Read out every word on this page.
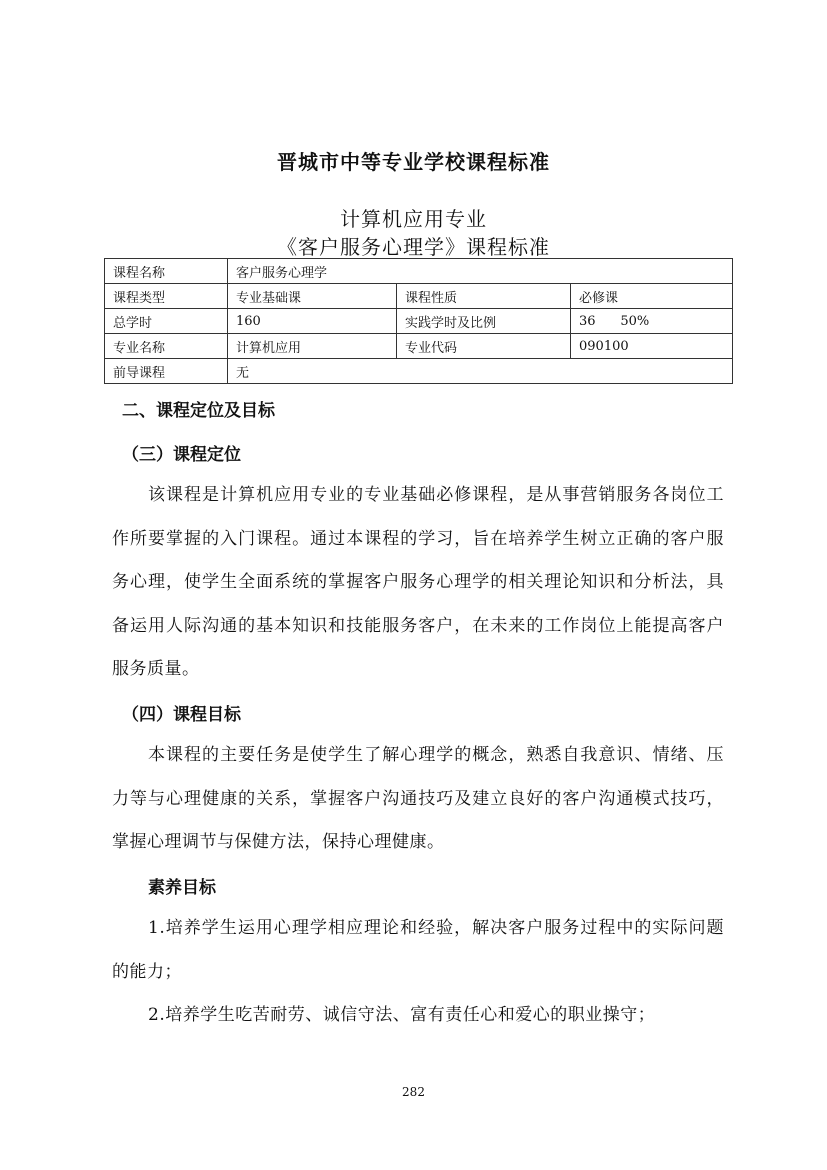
晋城市中等专业学校课程标准
计算机应用专业
《客户服务心理学》课程标准
课程名称	客户服务心理学		
课程类型	专业基础课	课程性质	必修课
总学时	160	实践学时及比例	36      50%
专业名称	计算机应用	专业代码	090100
前导课程	无		
二、课程定位及目标
（三）课程定位
该课程是计算机应用专业的专业基础必修课程，是从事营销服务各岗位工作所要掌握的入门课程。通过本课程的学习，旨在培养学生树立正确的客户服务心理，使学生全面系统的掌握客户服务心理学的相关理论知识和分析法，具备运用人际沟通的基本知识和技能服务客户，在未来的工作岗位上能提高客户服务质量。
（四）课程目标
本课程的主要任务是使学生了解心理学的概念，熟悉自我意识、情绪、压力等与心理健康的关系，掌握客户沟通技巧及建立良好的客户沟通模式技巧，掌握心理调节与保健方法，保持心理健康。
素养目标
1.培养学生运用心理学相应理论和经验，解决客户服务过程中的实际问题的能力；
2.培养学生吃苦耐劳、诚信守法、富有责任心和爱心的职业操守；
282
